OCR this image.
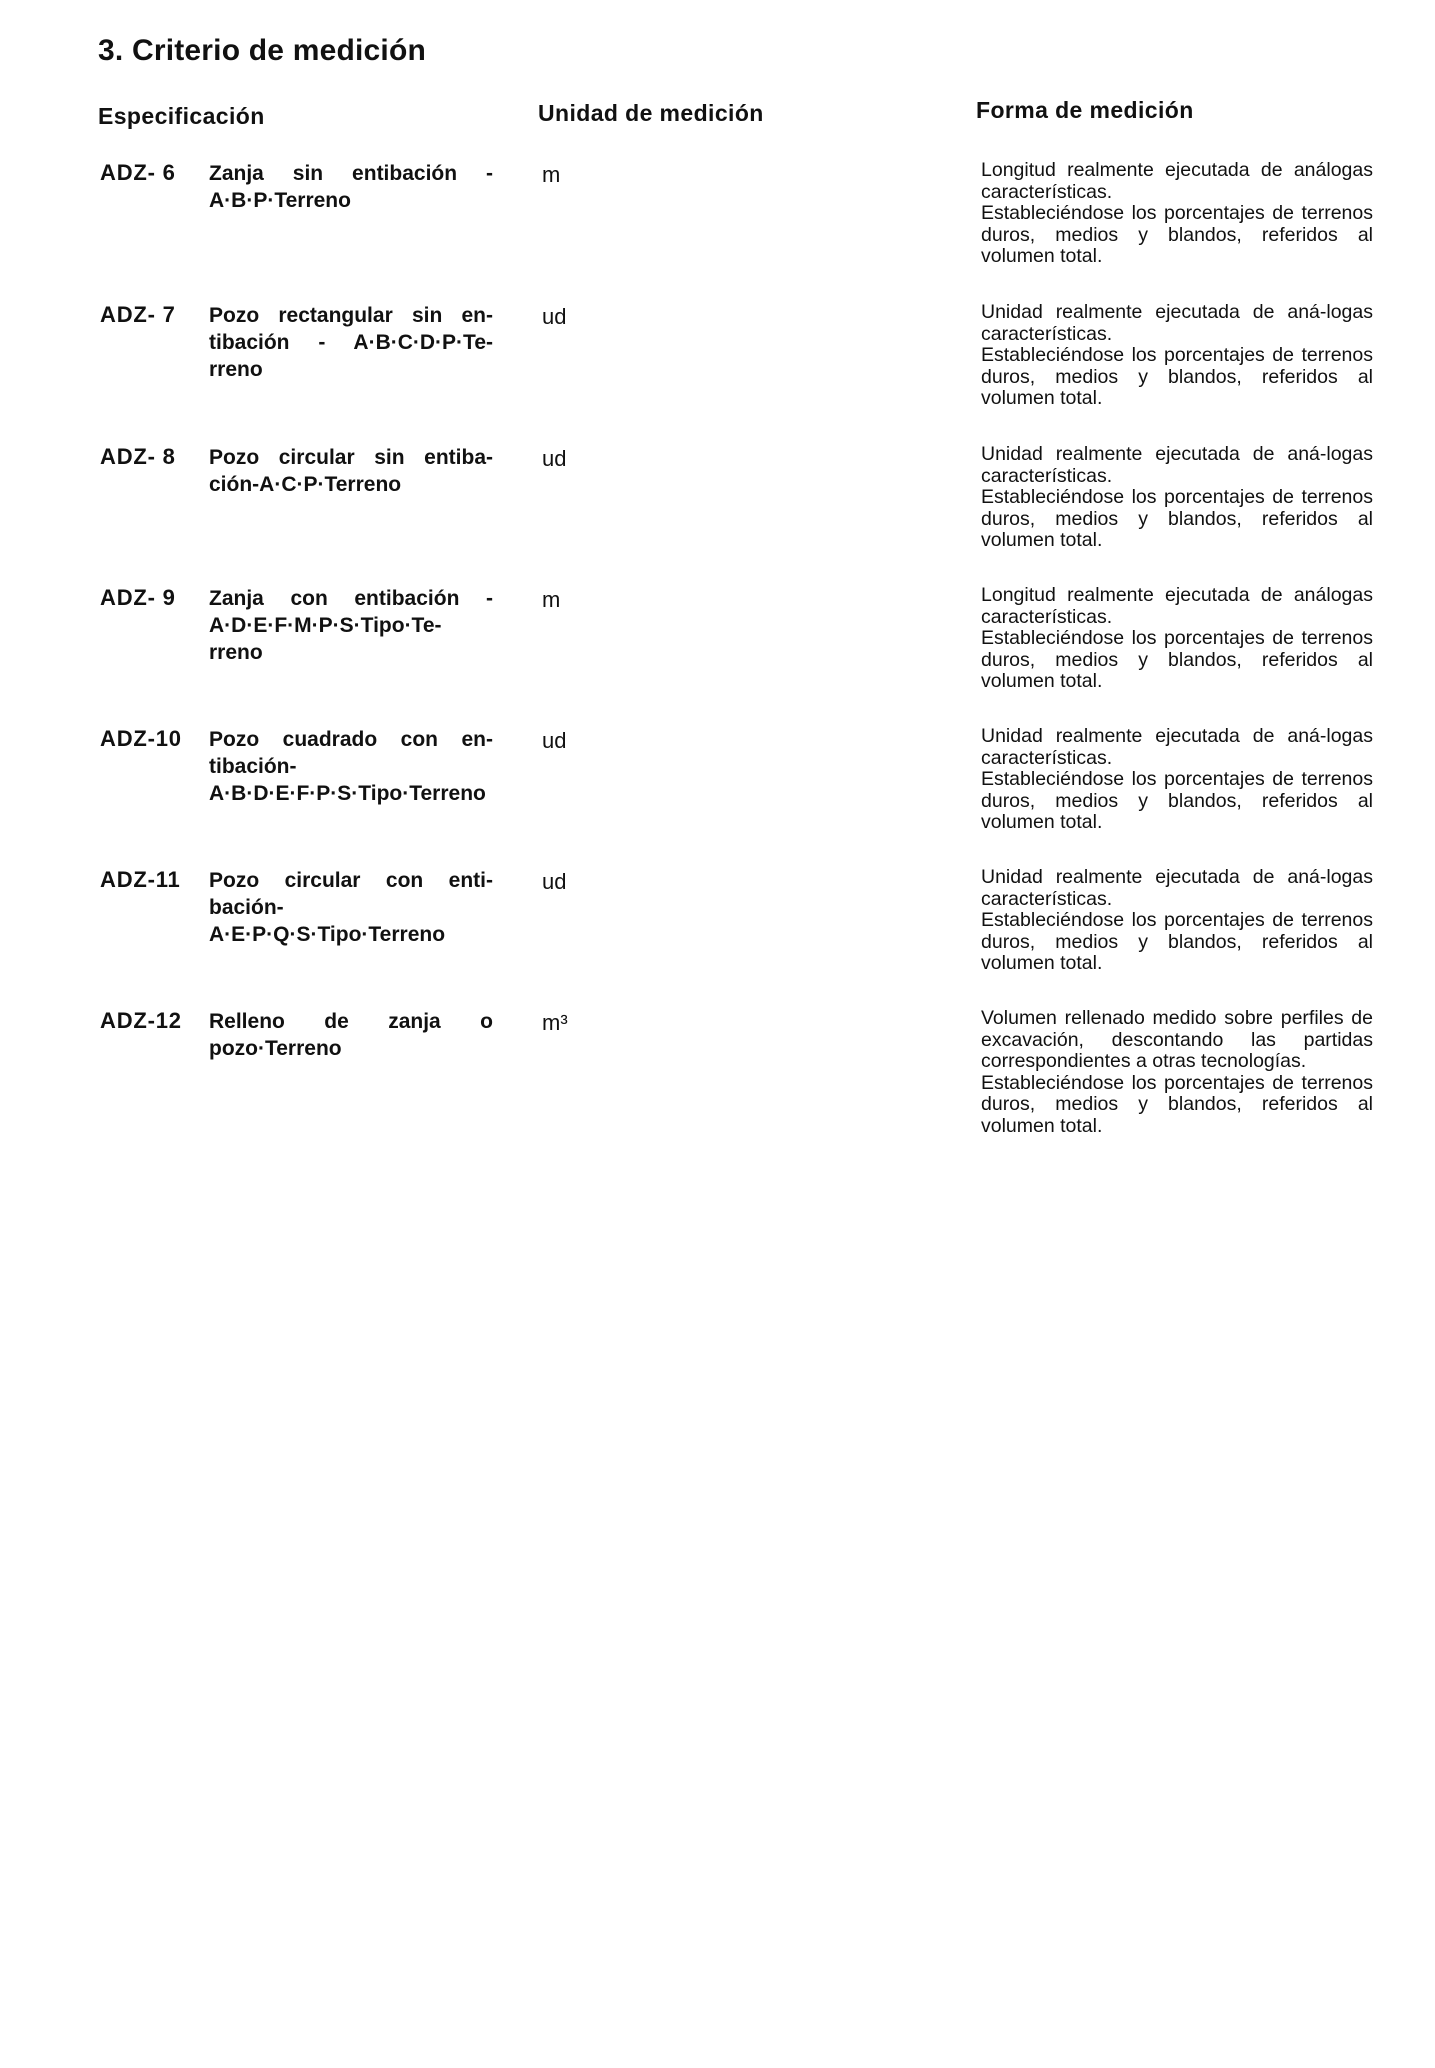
3. Criterio de medición
Especificación	Unidad de medición	Forma de medición
ADZ- 6 Zanja sin entibación - A·B·P·Terreno
m	Longitud realmente ejecutada de análogas características.
Estableciéndose los porcentajes de terrenos duros, medios y blandos, referidos al volumen total.
ADZ- 7 Pozo rectangular sin en-tibación - A·B·C·D·P·Te-rreno
ud	Unidad realmente ejecutada de aná-logas características.
Estableciéndose los porcentajes de terrenos duros, medios y blandos, referidos al volumen total.
ADZ- 8 Pozo circular sin entiba-ción-A·C·P·Terreno
ud	Unidad realmente ejecutada de aná-logas características.
Estableciéndose los porcentajes de terrenos duros, medios y blandos, referidos al volumen total.
ADZ- 9 Zanja con entibación - A·D·E·F·M·P·S·Tipo·Te-rreno
m	Longitud realmente ejecutada de análogas características.
Estableciéndose los porcentajes de terrenos duros, medios y blandos, referidos al volumen total.
ADZ-10 Pozo cuadrado con en-tibación-A·B·D·E·F·P·S·Tipo·Terreno
ud	Unidad realmente ejecutada de aná-logas características.
Estableciéndose los porcentajes de terrenos duros, medios y blandos, referidos al volumen total.
ADZ-11 Pozo circular con enti-bación-A·E·P·Q·S·Tipo·Terreno
ud	Unidad realmente ejecutada de aná-logas características.
Estableciéndose los porcentajes de terrenos duros, medios y blandos, referidos al volumen total.
ADZ-12 Relleno de zanja o pozo·Terreno
m³	Volumen rellenado medido sobre perfiles de excavación, descontando las partidas correspondientes a otras tecnologías.
Estableciéndose los porcentajes de terrenos duros, medios y blandos, referidos al volumen total.
